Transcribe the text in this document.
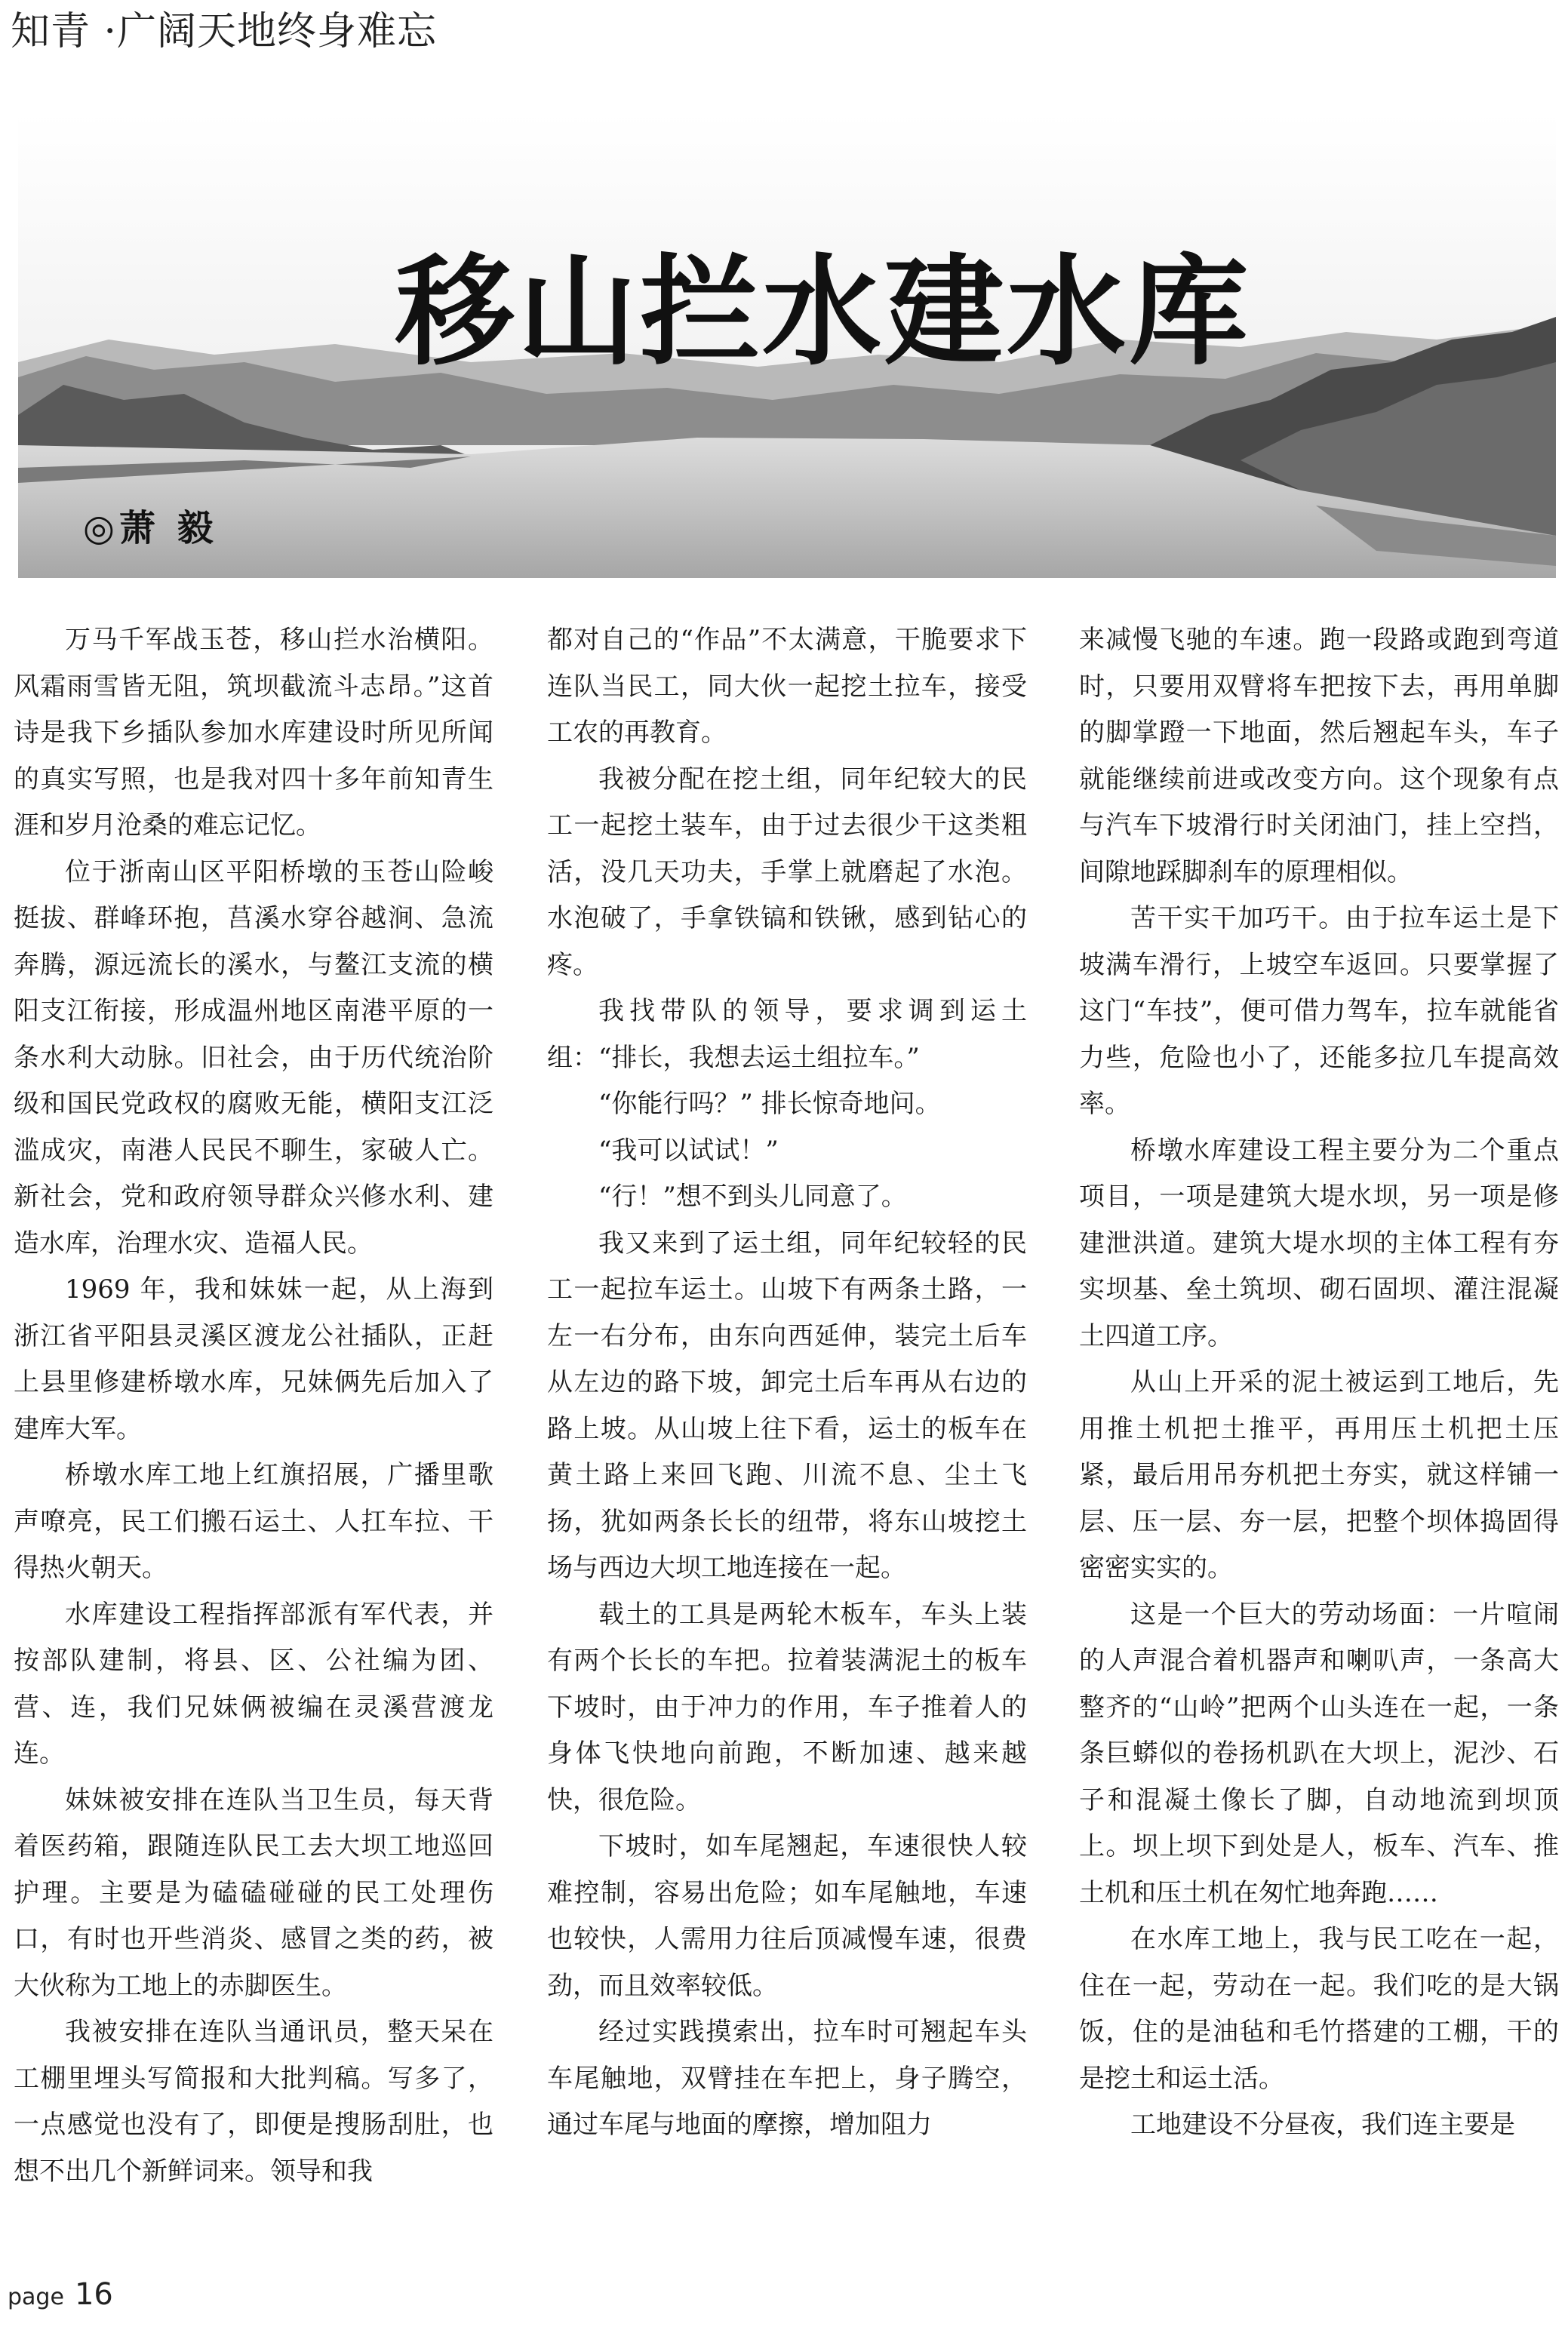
知青 ·广阔天地终身难忘
移山拦水建水库
◎萧 毅

万马千军战玉苍，移山拦水治横阳。风霜雨雪皆无阻，筑坝截流斗志昂。”这首诗是我下乡插队参加水库建设时所见所闻的真实写照，也是我对四十多年前知青生涯和岁月沧桑的难忘记忆。

位于浙南山区平阳桥墩的玉苍山险峻挺拔、群峰环抱，莒溪水穿谷越涧、急流奔腾，源远流长的溪水，与鳌江支流的横阳支江衔接，形成温州地区南港平原的一条水利大动脉。旧社会，由于历代统治阶级和国民党政权的腐败无能，横阳支江泛滥成灾，南港人民民不聊生，家破人亡。新社会，党和政府领导群众兴修水利、建造水库，治理水灾、造福人民。

1969 年，我和妹妹一起，从上海到浙江省平阳县灵溪区渡龙公社插队，正赶上县里修建桥墩水库，兄妹俩先后加入了建库大军。

桥墩水库工地上红旗招展，广播里歌声嘹亮，民工们搬石运土、人扛车拉、干得热火朝天。

水库建设工程指挥部派有军代表，并按部队建制，将县、区、公社编为团、营、连，我们兄妹俩被编在灵溪营渡龙连。

妹妹被安排在连队当卫生员，每天背着医药箱，跟随连队民工去大坝工地巡回护理。主要是为磕磕碰碰的民工处理伤口，有时也开些消炎、感冒之类的药，被大伙称为工地上的赤脚医生。

我被安排在连队当通讯员，整天呆在工棚里埋头写简报和大批判稿。写多了，一点感觉也没有了，即便是搜肠刮肚，也想不出几个新鲜词来。领导和我

都对自己的“作品”不太满意，干脆要求下连队当民工，同大伙一起挖土拉车，接受工农的再教育。

我被分配在挖土组，同年纪较大的民工一起挖土装车，由于过去很少干这类粗活，没几天功夫，手掌上就磨起了水泡。水泡破了，手拿铁镐和铁锹，感到钻心的疼。

我找带队的领导，要求调到运土组：“排长，我想去运土组拉车。”

“你能行吗？” 排长惊奇地问。

“我可以试试！”

“行！”想不到头儿同意了。

我又来到了运土组，同年纪较轻的民工一起拉车运土。山坡下有两条土路，一左一右分布，由东向西延伸，装完土后车从左边的路下坡，卸完土后车再从右边的路上坡。从山坡上往下看，运土的板车在黄土路上来回飞跑、川流不息、尘土飞扬，犹如两条长长的纽带，将东山坡挖土场与西边大坝工地连接在一起。

载土的工具是两轮木板车，车头上装有两个长长的车把。拉着装满泥土的板车下坡时，由于冲力的作用，车子推着人的身体飞快地向前跑，不断加速、越来越快，很危险。

下坡时，如车尾翘起，车速很快人较难控制，容易出危险；如车尾触地，车速也较快，人需用力往后顶减慢车速，很费劲，而且效率较低。

经过实践摸索出，拉车时可翘起车头车尾触地，双臂挂在车把上，身子腾空，通过车尾与地面的摩擦，增加阻力

来减慢飞驰的车速。跑一段路或跑到弯道时，只要用双臂将车把按下去，再用单脚的脚掌蹬一下地面，然后翘起车头，车子就能继续前进或改变方向。这个现象有点与汽车下坡滑行时关闭油门，挂上空挡，间隙地踩脚刹车的原理相似。

苦干实干加巧干。由于拉车运土是下坡满车滑行，上坡空车返回。只要掌握了这门“车技”，便可借力驾车，拉车就能省力些，危险也小了，还能多拉几车提高效率。

桥墩水库建设工程主要分为二个重点项目，一项是建筑大堤水坝，另一项是修建泄洪道。建筑大堤水坝的主体工程有夯实坝基、垒土筑坝、砌石固坝、灌注混凝土四道工序。

从山上开采的泥土被运到工地后，先用推土机把土推平，再用压土机把土压紧，最后用吊夯机把土夯实，就这样铺一层、压一层、夯一层，把整个坝体捣固得密密实实的。

这是一个巨大的劳动场面：一片喧闹的人声混合着机器声和喇叭声，一条高大整齐的“山岭”把两个山头连在一起，一条条巨蟒似的卷扬机趴在大坝上，泥沙、石子和混凝土像长了脚，自动地流到坝顶上。坝上坝下到处是人，板车、汽车、推土机和压土机在匆忙地奔跑……

在水库工地上，我与民工吃在一起，住在一起，劳动在一起。我们吃的是大锅饭，住的是油毡和毛竹搭建的工棚，干的是挖土和运土活。

工地建设不分昼夜，我们连主要是

page 16
